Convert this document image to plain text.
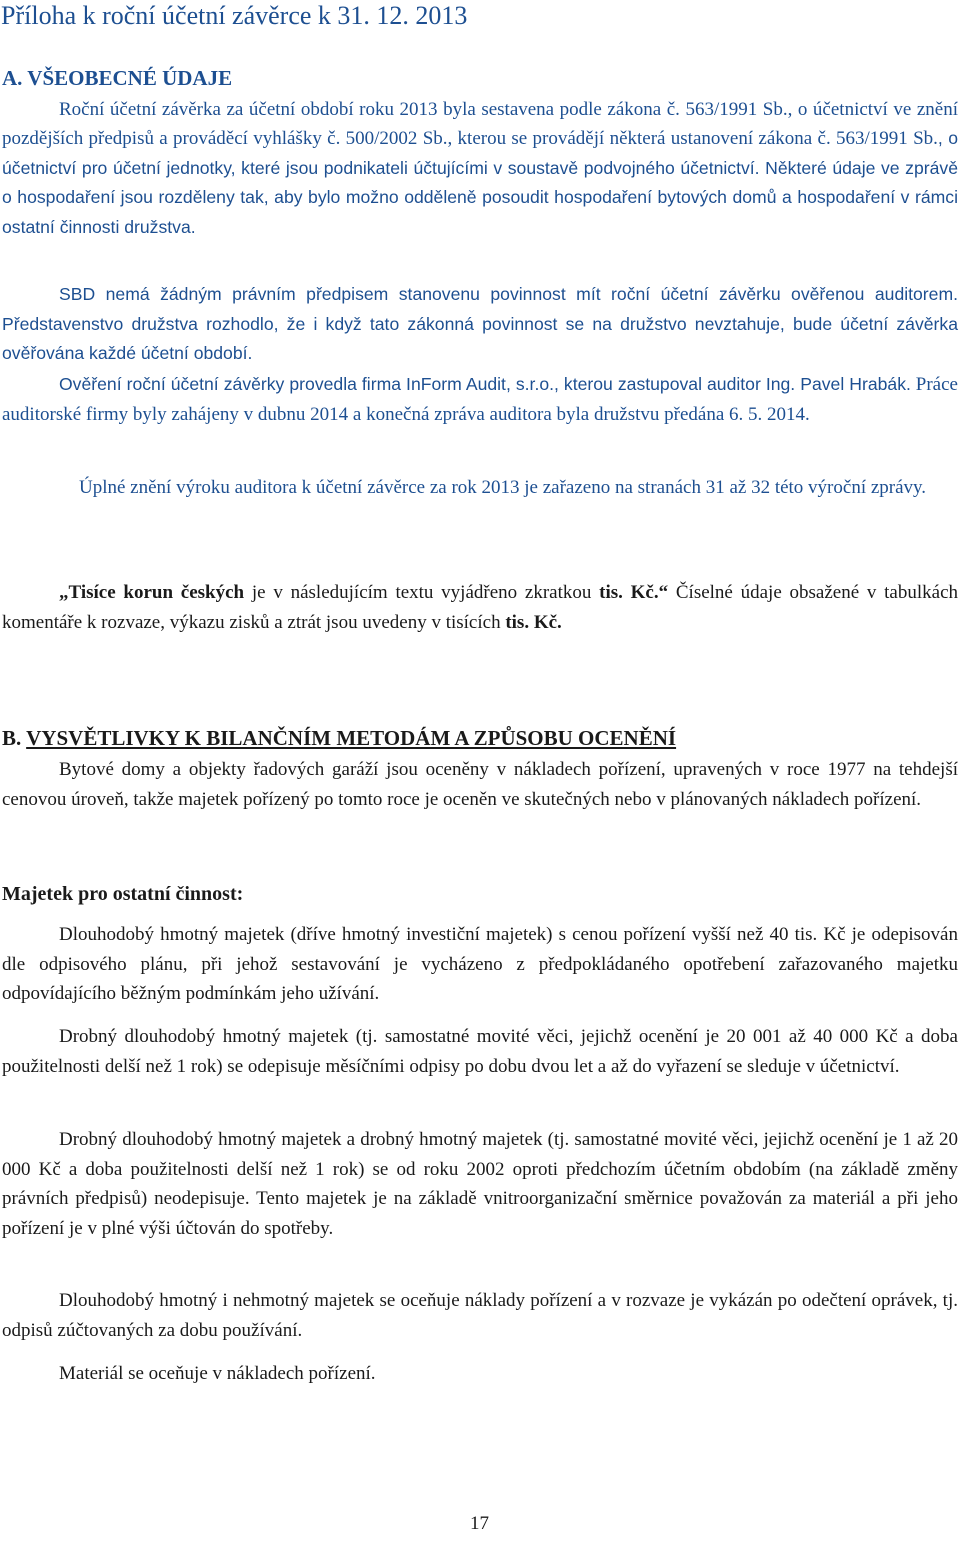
Příloha k roční účetní závěrce k 31. 12. 2013
A. VŠEOBECNÉ ÚDAJE

Roční účetní závěrka za účetní období roku 2013 byla sestavena podle zákona č. 563/1991 Sb., o účetnictví ve znění pozdějších předpisů a prováděcí vyhlášky č. 500/2002 Sb., kterou se provádějí některá ustanovení zákona č. 563/1991 Sb., o účetnictví pro účetní jednotky, které jsou podnikateli účtujícími v soustavě podvojného účetnictví. Některé údaje ve zprávě o hospodaření jsou rozděleny tak, aby bylo možno odděleně posoudit hospodaření bytových domů a hospodaření v rámci ostatní činnosti družstva.

SBD nemá žádným právním předpisem stanovenu povinnost mít roční účetní závěrku ověřenou auditorem. Představenstvo družstva rozhodlo, že i když tato zákonná povinnost se na družstvo nevztahuje, bude účetní závěrka ověřována každé účetní období.

Ověření roční účetní závěrky provedla firma InForm Audit, s.r.o., kterou zastupoval auditor Ing. Pavel Hrabák. Práce auditorské firmy byly zahájeny v dubnu 2014 a konečná zpráva auditora byla družstvu předána 6. 5. 2014.

Úplné znění výroku auditora k účetní závěrce za rok 2013 je zařazeno na stranách 31 až 32 této výroční zprávy.

„Tisíce korun českých je v následujícím textu vyjádřeno zkratkou tis. Kč.“ Číselné údaje obsažené v tabulkách komentáře k rozvaze, výkazu zisků a ztrát jsou uvedeny v tisících tis. Kč.

B. VYSVĚTLIVKY K BILANČNÍM METODÁM A ZPŮSOBU OCENĚNÍ

Bytové domy a objekty řadových garáží jsou oceněny v nákladech pořízení, upravených v roce 1977 na tehdejší cenovou úroveň, takže majetek pořízený po tomto roce je oceněn ve skutečných nebo v plánovaných nákladech pořízení.

Majetek pro ostatní činnost:

Dlouhodobý hmotný majetek (dříve hmotný investiční majetek) s cenou pořízení vyšší než 40 tis. Kč je odepisován dle odpisového plánu, při jehož sestavování je vycházeno z předpokládaného opotřebení zařazovaného majetku odpovídajícího běžným podmínkám jeho užívání.

Drobný dlouhodobý hmotný majetek (tj. samostatné movité věci, jejichž ocenění je 20 001 až 40 000 Kč a doba použitelnosti delší než 1 rok) se odepisuje měsíčními odpisy po dobu dvou let a až do vyřazení se sleduje v účetnictví.

Drobný dlouhodobý hmotný majetek a drobný hmotný majetek (tj. samostatné movité věci, jejichž ocenění je 1 až 20 000 Kč a doba použitelnosti delší než 1 rok) se od roku 2002 oproti předchozím účetním obdobím (na základě změny právních předpisů) neodepisuje. Tento majetek je na základě vnitroorganizační směrnice považován za materiál a při jeho pořízení je v plné výši účtován do spotřeby.

Dlouhodobý hmotný i nehmotný majetek se oceňuje náklady pořízení a v rozvaze je vykázán po odečtení oprávek, tj. odpisů zúčtovaných za dobu používání.

Materiál se oceňuje v nákladech pořízení.

17
